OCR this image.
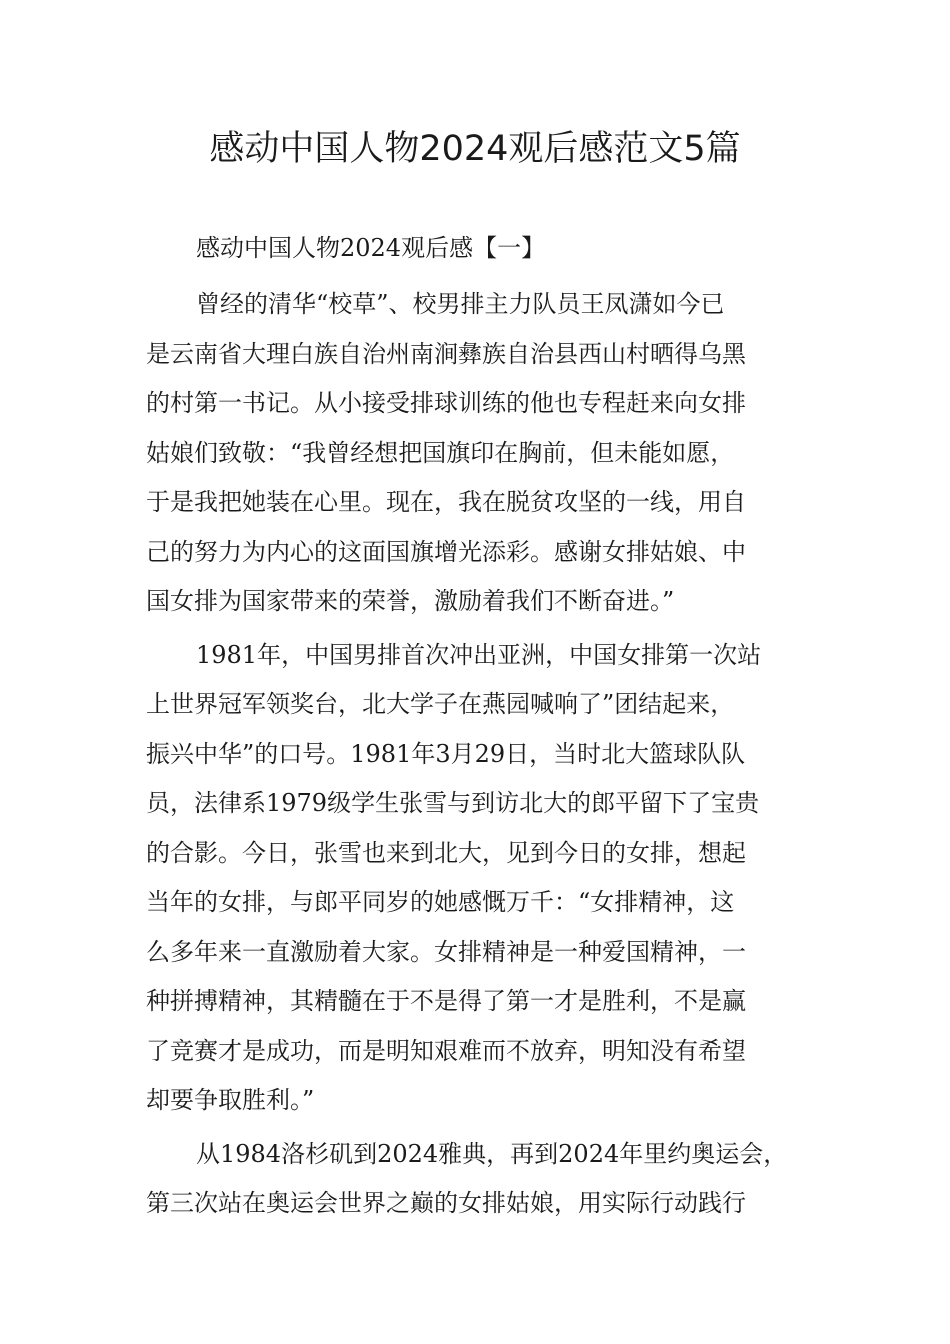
感动中国人物2024观后感范文5篇
感动中国人物2024观后感【一】

曾经的清华“校草”、校男排主力队员王凤潇如今已
是云南省大理白族自治州南涧彝族自治县西山村晒得乌黑
的村第一书记。从小接受排球训练的他也专程赶来向女排
姑娘们致敬：“我曾经想把国旗印在胸前，但未能如愿，
于是我把她装在心里。现在，我在脱贫攻坚的一线，用自
己的努力为内心的这面国旗增光添彩。感谢女排姑娘、中
国女排为国家带来的荣誉，激励着我们不断奋进。”

1981年，中国男排首次冲出亚洲，中国女排第一次站
上世界冠军领奖台，北大学子在燕园喊响了”团结起来，
振兴中华”的口号。1981年3月29日，当时北大篮球队队
员，法律系1979级学生张雪与到访北大的郎平留下了宝贵
的合影。今日，张雪也来到北大，见到今日的女排，想起
当年的女排，与郎平同岁的她感慨万千：“女排精神，这
么多年来一直激励着大家。女排精神是一种爱国精神，一
种拼搏精神，其精髓在于不是得了第一才是胜利，不是赢
了竞赛才是成功，而是明知艰难而不放弃，明知没有希望
却要争取胜利。”

从1984洛杉矶到2024雅典，再到2024年里约奥运会，
第三次站在奥运会世界之巅的女排姑娘，用实际行动践行
